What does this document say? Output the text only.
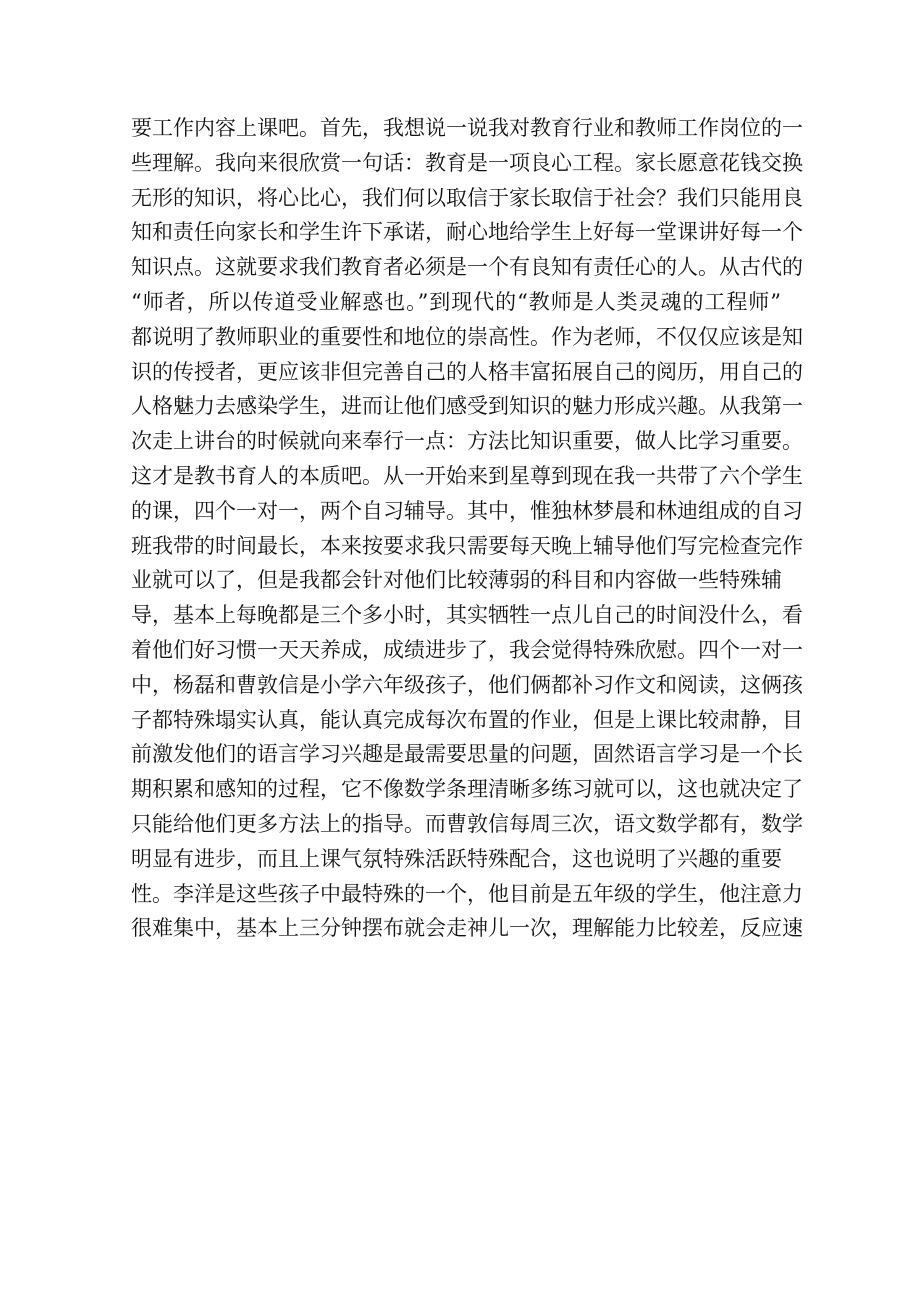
要工作内容上课吧。首先，我想说一说我对教育行业和教师工作岗位的一
些理解。我向来很欣赏一句话：教育是一项良心工程。家长愿意花钱交换
无形的知识，将心比心，我们何以取信于家长取信于社会？我们只能用良
知和责任向家长和学生许下承诺，耐心地给学生上好每一堂课讲好每一个
知识点。这就要求我们教育者必须是一个有良知有责任心的人。从古代的
“师者，所以传道受业解惑也。”到现代的“教师是人类灵魂的工程师”
都说明了教师职业的重要性和地位的崇高性。作为老师，不仅仅应该是知
识的传授者，更应该非但完善自己的人格丰富拓展自己的阅历，用自己的
人格魅力去感染学生，进而让他们感受到知识的魅力形成兴趣。从我第一
次走上讲台的时候就向来奉行一点：方法比知识重要，做人比学习重要。
这才是教书育人的本质吧。从一开始来到星尊到现在我一共带了六个学生
的课，四个一对一，两个自习辅导。其中，惟独林梦晨和林迪组成的自习
班我带的时间最长，本来按要求我只需要每天晚上辅导他们写完检查完作
业就可以了，但是我都会针对他们比较薄弱的科目和内容做一些特殊辅
导，基本上每晚都是三个多小时，其实牺牲一点儿自己的时间没什么，看
着他们好习惯一天天养成，成绩进步了，我会觉得特殊欣慰。四个一对一
中，杨磊和曹敦信是小学六年级孩子，他们俩都补习作文和阅读，这俩孩
子都特殊塌实认真，能认真完成每次布置的作业，但是上课比较肃静，目
前激发他们的语言学习兴趣是最需要思量的问题，固然语言学习是一个长
期积累和感知的过程，它不像数学条理清晰多练习就可以，这也就决定了
只能给他们更多方法上的指导。而曹敦信每周三次，语文数学都有，数学
明显有进步，而且上课气氛特殊活跃特殊配合，这也说明了兴趣的重要
性。李洋是这些孩子中最特殊的一个，他目前是五年级的学生，他注意力
很难集中，基本上三分钟摆布就会走神儿一次，理解能力比较差，反应速
